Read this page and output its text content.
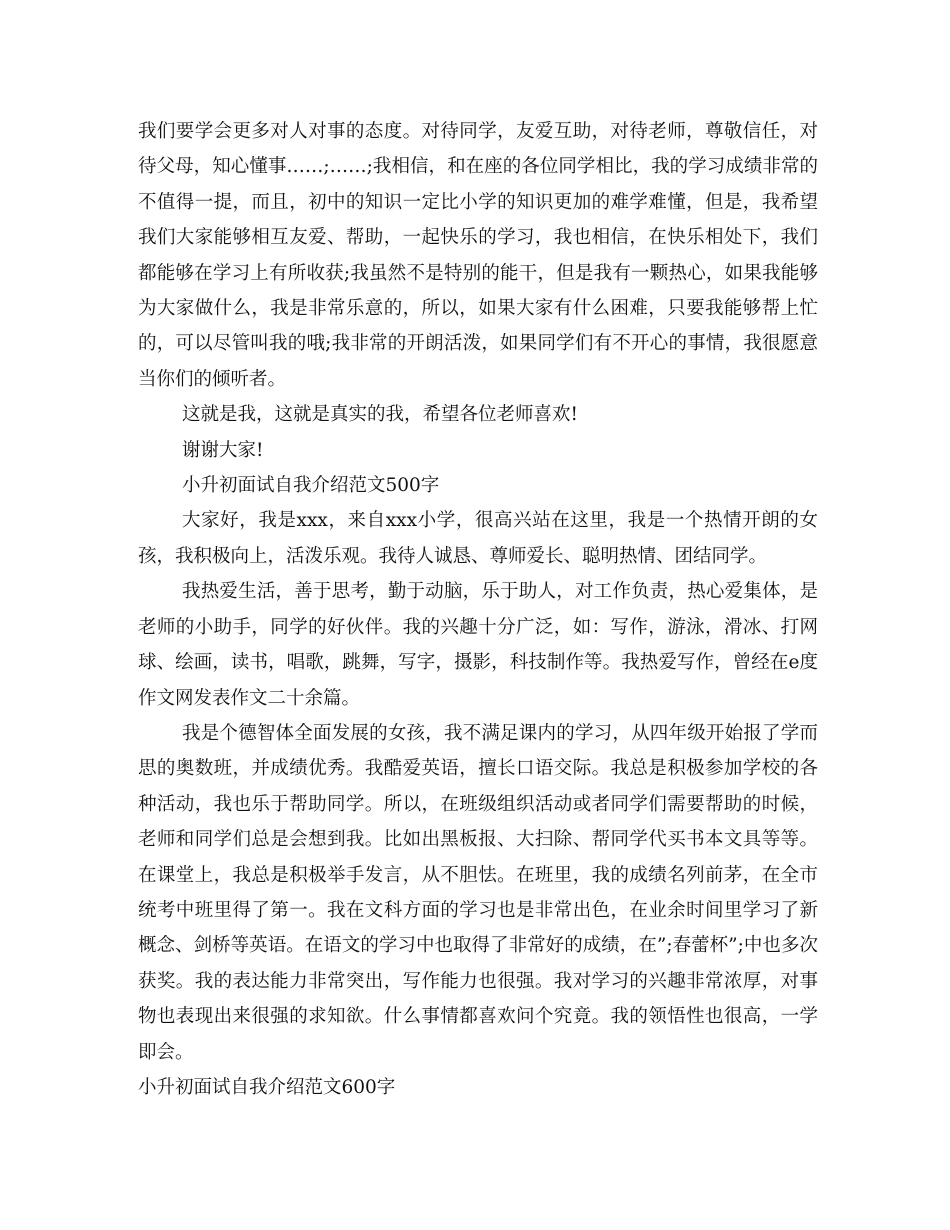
我们要学会更多对人对事的态度。对待同学，友爱互助，对待老师，尊敬信任，对待父母，知心懂事……;……;我相信，和在座的各位同学相比，我的学习成绩非常的不值得一提，而且，初中的知识一定比小学的知识更加的难学难懂，但是，我希望我们大家能够相互友爱、帮助，一起快乐的学习，我也相信，在快乐相处下，我们都能够在学习上有所收获;我虽然不是特别的能干，但是我有一颗热心，如果我能够为大家做什么，我是非常乐意的，所以，如果大家有什么困难，只要我能够帮上忙的，可以尽管叫我的哦;我非常的开朗活泼，如果同学们有不开心的事情，我很愿意当你们的倾听者。

这就是我，这就是真实的我，希望各位老师喜欢!

谢谢大家!

小升初面试自我介绍范文500字

大家好，我是xxx，来自xxx小学，很高兴站在这里，我是一个热情开朗的女孩，我积极向上，活泼乐观。我待人诚恳、尊师爱长、聪明热情、团结同学。

我热爱生活，善于思考，勤于动脑，乐于助人，对工作负责，热心爱集体，是老师的小助手，同学的好伙伴。我的兴趣十分广泛，如：写作，游泳，滑冰、打网球、绘画，读书，唱歌，跳舞，写字，摄影，科技制作等。我热爱写作，曾经在e度作文网发表作文二十余篇。

我是个德智体全面发展的女孩，我不满足课内的学习，从四年级开始报了学而思的奥数班，并成绩优秀。我酷爱英语，擅长口语交际。我总是积极参加学校的各种活动，我也乐于帮助同学。所以，在班级组织活动或者同学们需要帮助的时候，老师和同学们总是会想到我。比如出黑板报、大扫除、帮同学代买书本文具等等。在课堂上，我总是积极举手发言，从不胆怯。在班里，我的成绩名列前茅，在全市统考中班里得了第一。我在文科方面的学习也是非常出色，在业余时间里学习了新概念、剑桥等英语。在语文的学习中也取得了非常好的成绩，在”;春蕾杯”;中也多次获奖。我的表达能力非常突出，写作能力也很强。我对学习的兴趣非常浓厚，对事物也表现出来很强的求知欲。什么事情都喜欢问个究竟。我的领悟性也很高，一学即会。

小升初面试自我介绍范文600字
